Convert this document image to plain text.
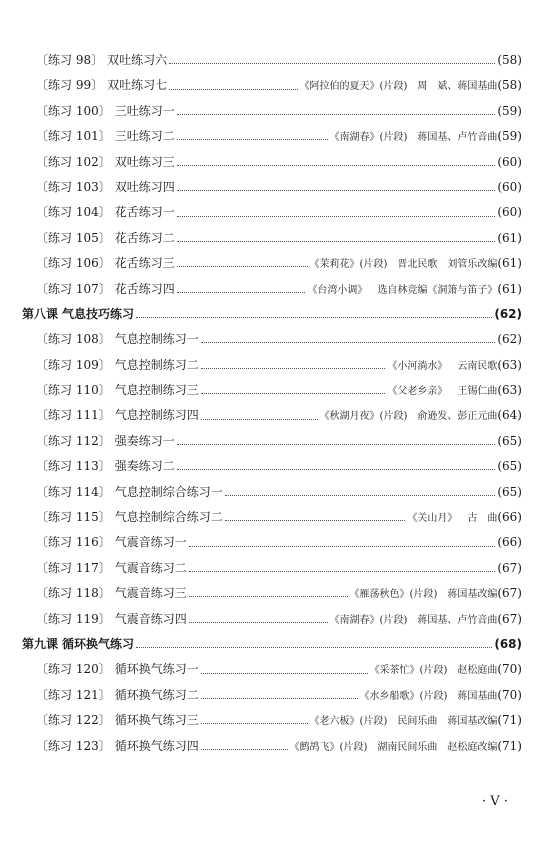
〔练习 98〕 双吐练习六	(58)
〔练习 99〕 双吐练习七	《阿拉伯的夏天》(片段) 周　斌、蒋国基曲 (58)
〔练习 100〕 三吐练习一	(59)
〔练习 101〕 三吐练习二	《南湖春》(片段) 蒋国基、卢竹音曲 (59)
〔练习 102〕 双吐练习三	(60)
〔练习 103〕 双吐练习四	(60)
〔练习 104〕 花舌练习一	(60)
〔练习 105〕 花舌练习二	(61)
〔练习 106〕 花舌练习三	《茉莉花》(片段) 晋北民歌　刘管乐改编 (61)
〔练习 107〕 花舌练习四	《台湾小调》 选自林竞编《洞箫与笛子》 (61)
第八课 气息技巧练习	(62)
〔练习 108〕 气息控制练习一	(62)
〔练习 109〕 气息控制练习二	《小河淌水》 云南民歌 (63)
〔练习 110〕 气息控制练习三	《父老乡亲》 王锡仁曲 (63)
〔练习 111〕 气息控制练习四	《秋湖月夜》(片段) 俞逊发、彭正元曲 (64)
〔练习 112〕 强奏练习一	(65)
〔练习 113〕 强奏练习二	(65)
〔练习 114〕 气息控制综合练习一	(65)
〔练习 115〕 气息控制综合练习二	《关山月》 古　曲 (66)
〔练习 116〕 气震音练习一	(66)
〔练习 117〕 气震音练习二	(67)
〔练习 118〕 气震音练习三	《雁荡秋色》(片段) 蒋国基改编 (67)
〔练习 119〕 气震音练习四	《南湖春》(片段) 蒋国基、卢竹音曲 (67)
第九课 循环换气练习	(68)
〔练习 120〕 循环换气练习一	《采茶忙》(片段) 赵松庭曲 (70)
〔练习 121〕 循环换气练习二	《水乡船歌》(片段) 蒋国基曲 (70)
〔练习 122〕 循环换气练习三	《老六板》(片段) 民间乐曲　蒋国基改编 (71)
〔练习 123〕 循环换气练习四	《鹧鸪飞》(片段) 湖南民间乐曲　赵松庭改编 (71)
· V ·
